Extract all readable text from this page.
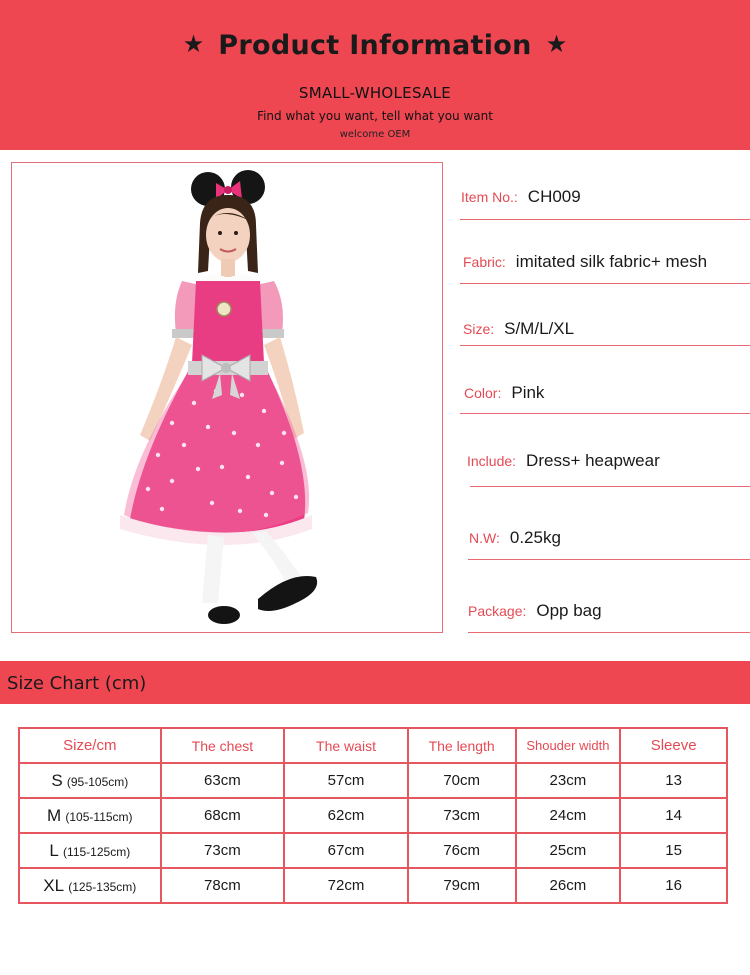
★ Product Information ★
SMALL-WHOLESALE
Find what you want, tell what you want
welcome OEM
Item No.: CH009
Fabric: imitated silk fabric+ mesh
Size: S/M/L/XL
Color: Pink
Include: Dress+ heapwear
N.W: 0.25kg
Package: Opp bag
Size Chart (cm)
Size/cm	The chest	The waist	The length	Shouder width	Sleeve
S (95-105cm)	63cm	57cm	70cm	23cm	13
M (105-115cm)	68cm	62cm	73cm	24cm	14
L (115-125cm)	73cm	67cm	76cm	25cm	15
XL (125-135cm)	78cm	72cm	79cm	26cm	16
